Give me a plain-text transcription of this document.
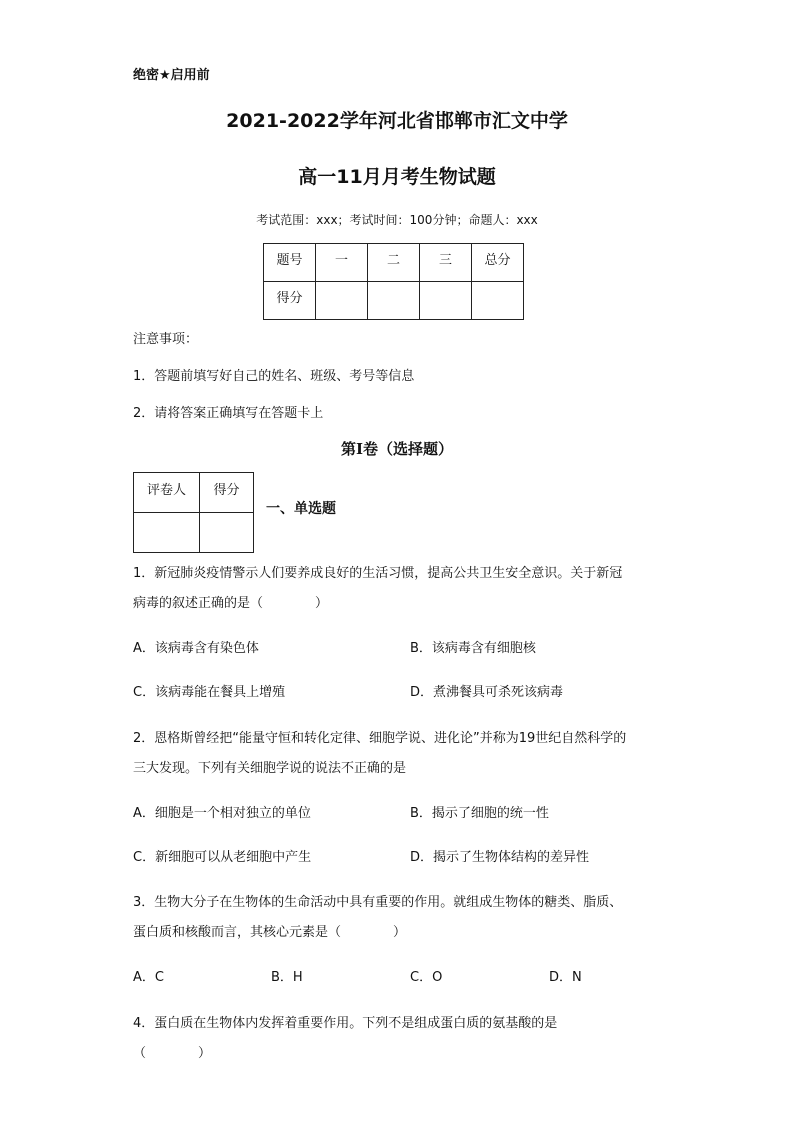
绝密★启用前
2021-2022学年河北省邯郸市汇文中学
高一11月月考生物试题
考试范围：xxx；考试时间：100分钟；命题人：xxx
题号	一	二	三	总分
得分				
注意事项：
1．答题前填写好自己的姓名、班级、考号等信息
2．请将答案正确填写在答题卡上
第I卷（选择题）
评卷人	得分

一、单选题
1．新冠肺炎疫情警示人们要养成良好的生活习惯，提高公共卫生安全意识。关于新冠
病毒的叙述正确的是（　　　　）
A．该病毒含有染色体	B．该病毒含有细胞核
C．该病毒能在餐具上增殖	D．煮沸餐具可杀死该病毒
2．恩格斯曾经把“能量守恒和转化定律、细胞学说、进化论”并称为19世纪自然科学的
三大发现。下列有关细胞学说的说法不正确的是
A．细胞是一个相对独立的单位	B．揭示了细胞的统一性
C．新细胞可以从老细胞中产生	D．揭示了生物体结构的差异性
3．生物大分子在生物体的生命活动中具有重要的作用。就组成生物体的糖类、脂质、
蛋白质和核酸而言，其核心元素是（　　　　）
A．C	B．H	C．O	D．N
4．蛋白质在生物体内发挥着重要作用。下列不是组成蛋白质的氨基酸的是
（　　　　）
